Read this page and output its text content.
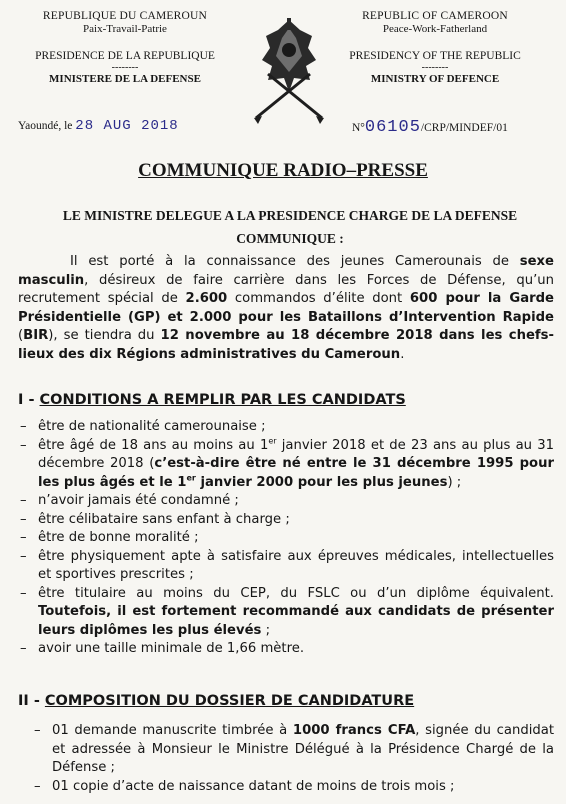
REPUBLIQUE DU CAMEROUN
Paix-Travail-Patrie
PRESIDENCE DE LA REPUBLIQUE
--------
MINISTERE DE LA DEFENSE
REPUBLIC OF CAMEROON
Peace-Work-Fatherland
PRESIDENCY OF THE REPUBLIC
--------
MINISTRY OF DEFENCE
Yaoundé, le 28 AUG 2018	N°06105/CRP/MINDEF/01
COMMUNIQUE RADIO–PRESSE
LE MINISTRE DELEGUE A LA PRESIDENCE CHARGE DE LA DEFENSE
COMMUNIQUE :
Il est porté à la connaissance des jeunes Camerounais de sexe masculin, désireux de faire carrière dans les Forces de Défense, qu’un recrutement spécial de 2.600 commandos d’élite dont 600 pour la Garde Présidentielle (GP) et 2.000 pour les Bataillons d’Intervention Rapide (BIR), se tiendra du 12 novembre au 18 décembre 2018 dans les chefs-lieux des dix Régions administratives du Cameroun.
I - CONDITIONS A REMPLIR PAR LES CANDIDATS
– être de nationalité camerounaise ;
– être âgé de 18 ans au moins au 1er janvier 2018 et de 23 ans au plus au 31 décembre 2018 (c’est-à-dire être né entre le 31 décembre 1995 pour les plus âgés et le 1er janvier 2000 pour les plus jeunes) ;
– n’avoir jamais été condamné ;
– être célibataire sans enfant à charge ;
– être de bonne moralité ;
– être physiquement apte à satisfaire aux épreuves médicales, intellectuelles et sportives prescrites ;
– être titulaire au moins du CEP, du FSLC ou d’un diplôme équivalent. Toutefois, il est fortement recommandé aux candidats de présenter leurs diplômes les plus élevés ;
– avoir une taille minimale de 1,66 mètre.
II - COMPOSITION DU DOSSIER DE CANDIDATURE
– 01 demande manuscrite timbrée à 1000 francs CFA, signée du candidat et adressée à Monsieur le Ministre Délégué à la Présidence Chargé de la Défense ;
– 01 copie d’acte de naissance datant de moins de trois mois ;
